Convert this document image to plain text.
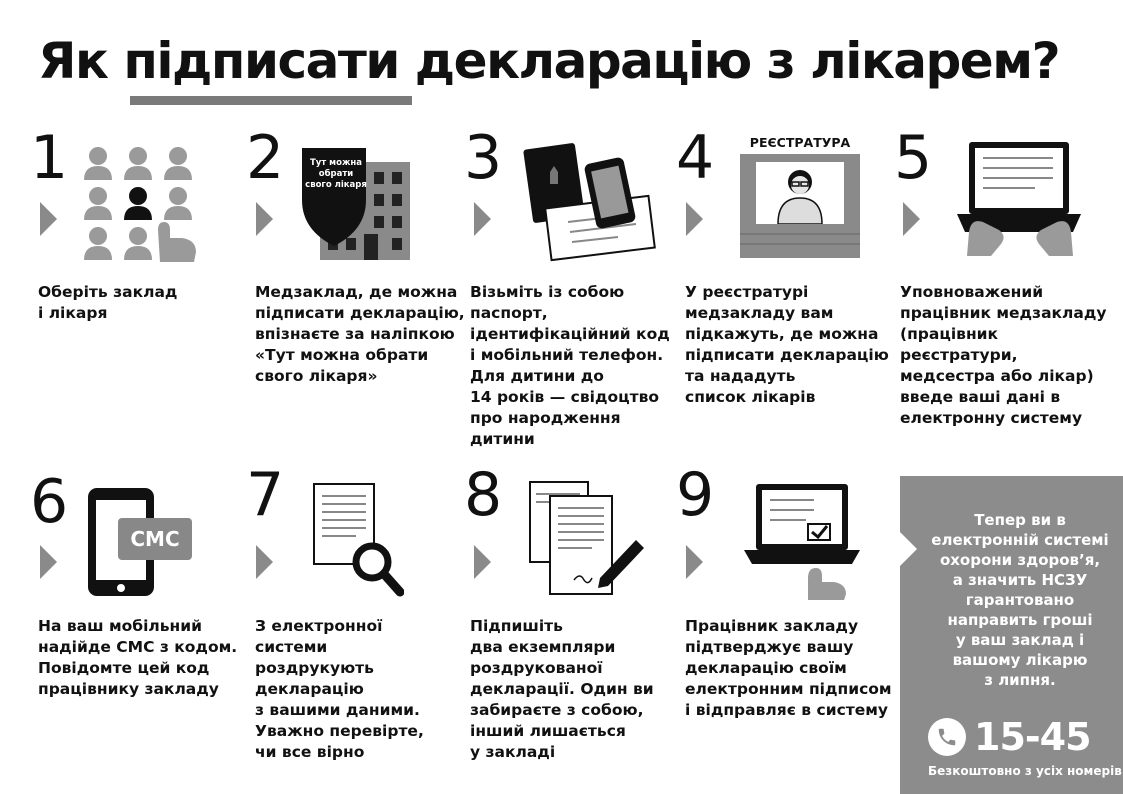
Як підписати декларацію з лікарем?
1
Оберіть заклад
і лікаря
2	Тут можна
обрати
свого лікаря
Медзаклад, де можна
підписати декларацію,
впізнаєте за наліпкою
«Тут можна обрати
свого лікаря»
3
Візьміть із собою
паспорт,
ідентифікаційний код
і мобільний телефон.
Для дитини до
14 років — свідоцтво
про народження дитини
4	РЕЄСТРАТУРА
У реєстратурі
медзакладу вам
підкажуть, де можна
підписати декларацію
та нададуть
список лікарів
5
Уповноважений
працівник медзакладу
(працівник реєстратури,
медсестра або лікар)
введе ваші дані в
електронну систему
6
СМС
На ваш мобільний
надійде СМС з кодом.
Повідомте цей код
працівнику закладу
7
З електронної
системи
роздрукують
декларацію
з вашими даними.
Уважно перевірте,
чи все вірно
8
Підпишіть
два екземпляри
роздрукованої
декларації. Один ви
забираєте з собою,
інший лишається
у закладі
9
Працівник закладу
підтверджує вашу
декларацію своїм
електронним підписом
і відправляє в систему
Тепер ви в
електронній системі
охорони здоров’я,
а значить НСЗУ
гарантовано
направить гроші
у ваш заклад і
вашому лікарю
з липня.
15-45
Безкоштовно з усіх номерів
